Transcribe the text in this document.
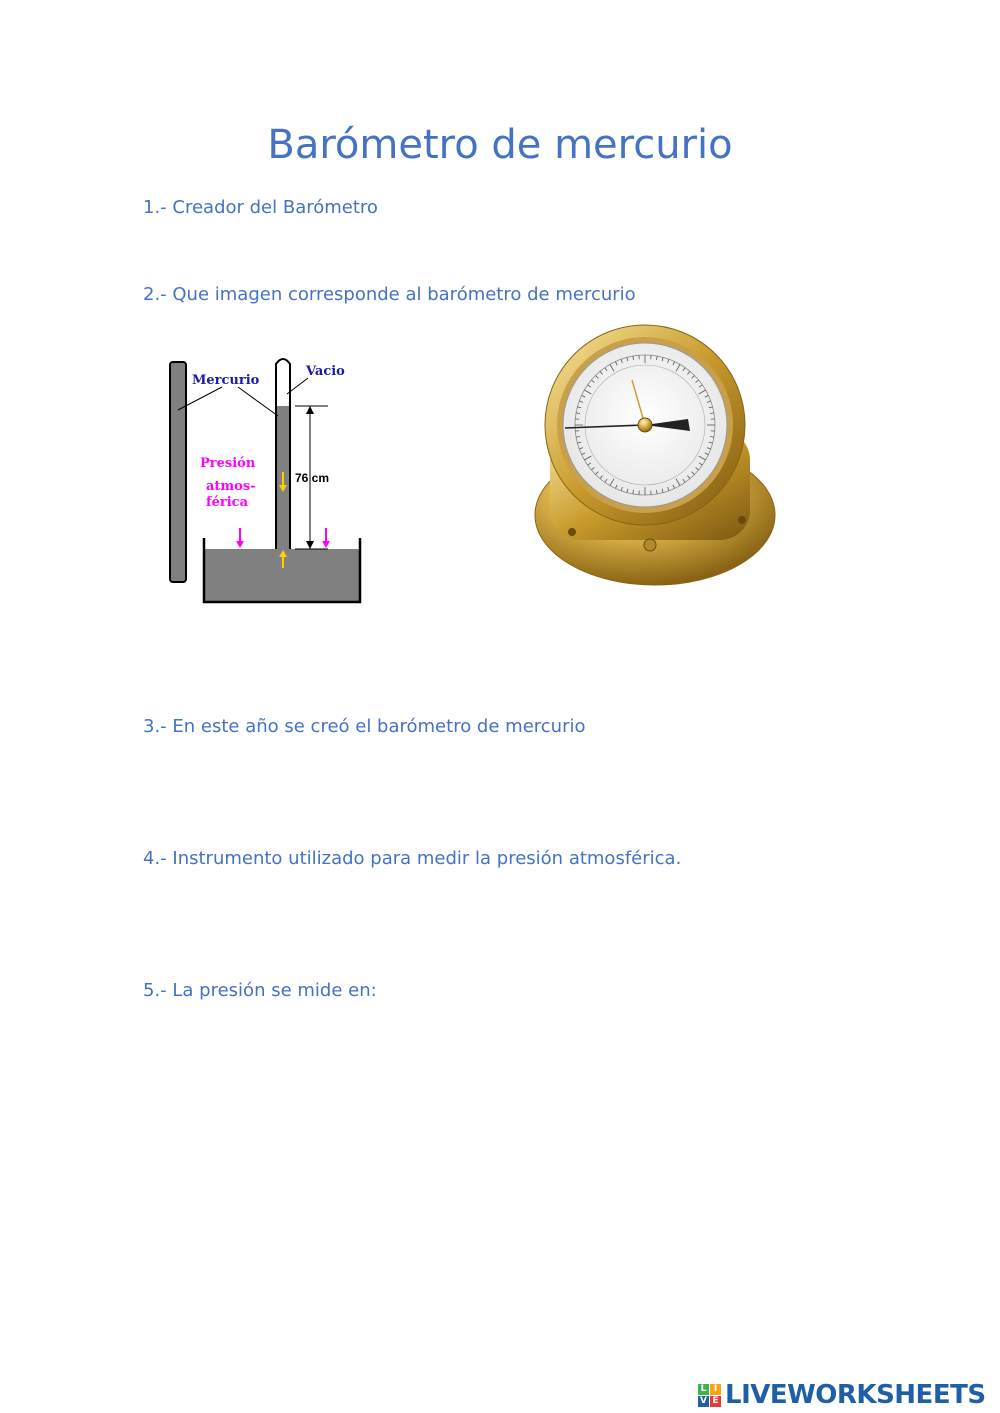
Barómetro de mercurio
1.- Creador del Barómetro
2.- Que imagen corresponde al barómetro de mercurio
Mercurio
Vacio
Presión
atmos-
férica
76 cm
3.- En este año se creó el barómetro de mercurio
4.- Instrumento utilizado para medir la presión atmosférica.
5.- La presión se mide en:
L I
V E LIVEWORKSHEETS
